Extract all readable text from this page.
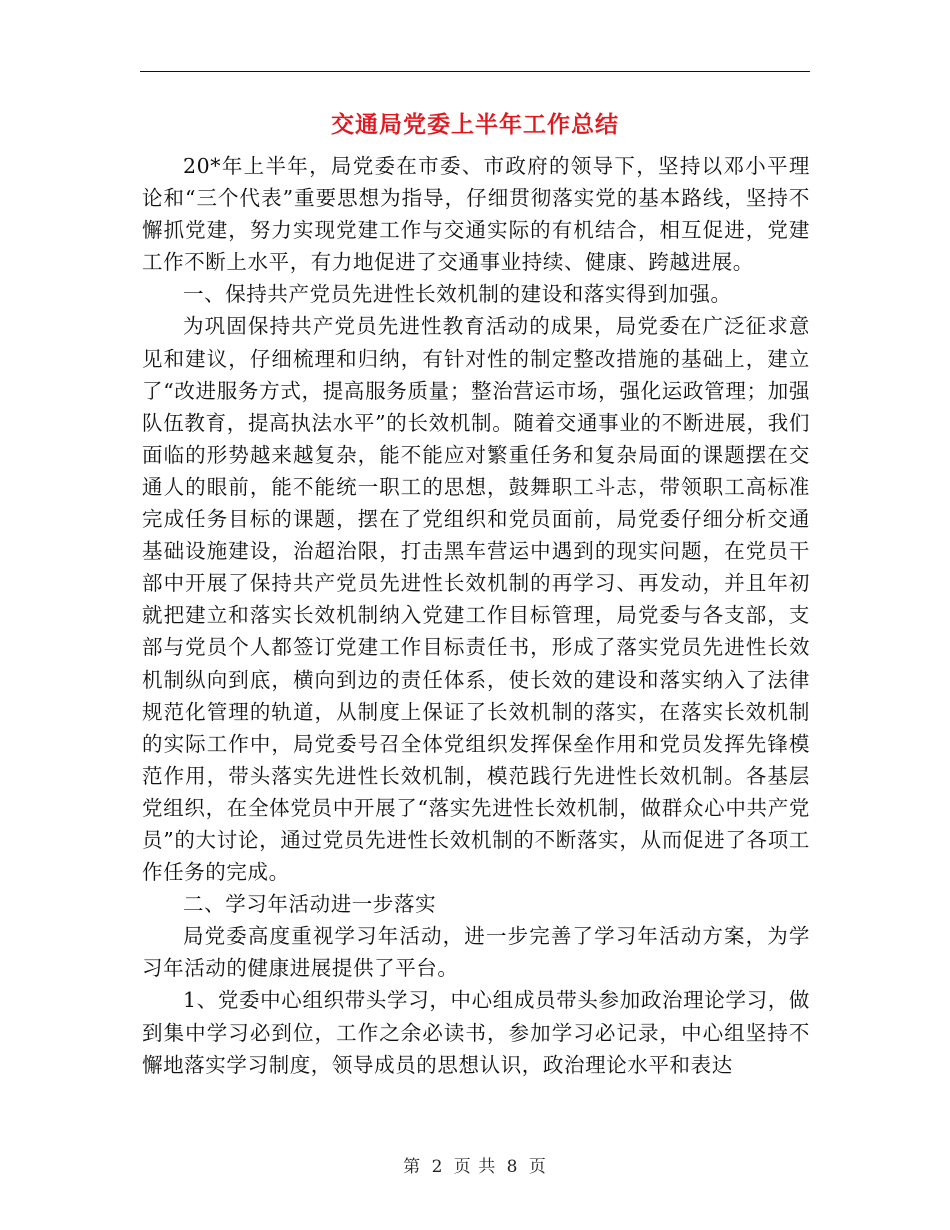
交通局党委上半年工作总结

20*年上半年，局党委在市委、市政府的领导下，坚持以邓小平理论和“三个代表”重要思想为指导，仔细贯彻落实党的基本路线，坚持不懈抓党建，努力实现党建工作与交通实际的有机结合，相互促进，党建工作不断上水平，有力地促进了交通事业持续、健康、跨越进展。

一、保持共产党员先进性长效机制的建设和落实得到加强。

为巩固保持共产党员先进性教育活动的成果，局党委在广泛征求意见和建议，仔细梳理和归纳，有针对性的制定整改措施的基础上，建立了“改进服务方式，提高服务质量；整治营运市场，强化运政管理；加强队伍教育，提高执法水平”的长效机制。随着交通事业的不断进展，我们面临的形势越来越复杂，能不能应对繁重任务和复杂局面的课题摆在交通人的眼前，能不能统一职工的思想，鼓舞职工斗志，带领职工高标准完成任务目标的课题，摆在了党组织和党员面前，局党委仔细分析交通基础设施建设，治超治限，打击黑车营运中遇到的现实问题，在党员干部中开展了保持共产党员先进性长效机制的再学习、再发动，并且年初就把建立和落实长效机制纳入党建工作目标管理，局党委与各支部，支部与党员个人都签订党建工作目标责任书，形成了落实党员先进性长效机制纵向到底，横向到边的责任体系，使长效的建设和落实纳入了法律规范化管理的轨道，从制度上保证了长效机制的落实，在落实长效机制的实际工作中，局党委号召全体党组织发挥保垒作用和党员发挥先锋模范作用，带头落实先进性长效机制，模范践行先进性长效机制。各基层党组织，在全体党员中开展了“落实先进性长效机制，做群众心中共产党员”的大讨论，通过党员先进性长效机制的不断落实，从而促进了各项工作任务的完成。

二、学习年活动进一步落实

局党委高度重视学习年活动，进一步完善了学习年活动方案，为学习年活动的健康进展提供了平台。

1、党委中心组织带头学习，中心组成员带头参加政治理论学习，做到集中学习必到位，工作之余必读书，参加学习必记录，中心组坚持不懈地落实学习制度，领导成员的思想认识，政治理论水平和表达

第 2 页 共 8 页
